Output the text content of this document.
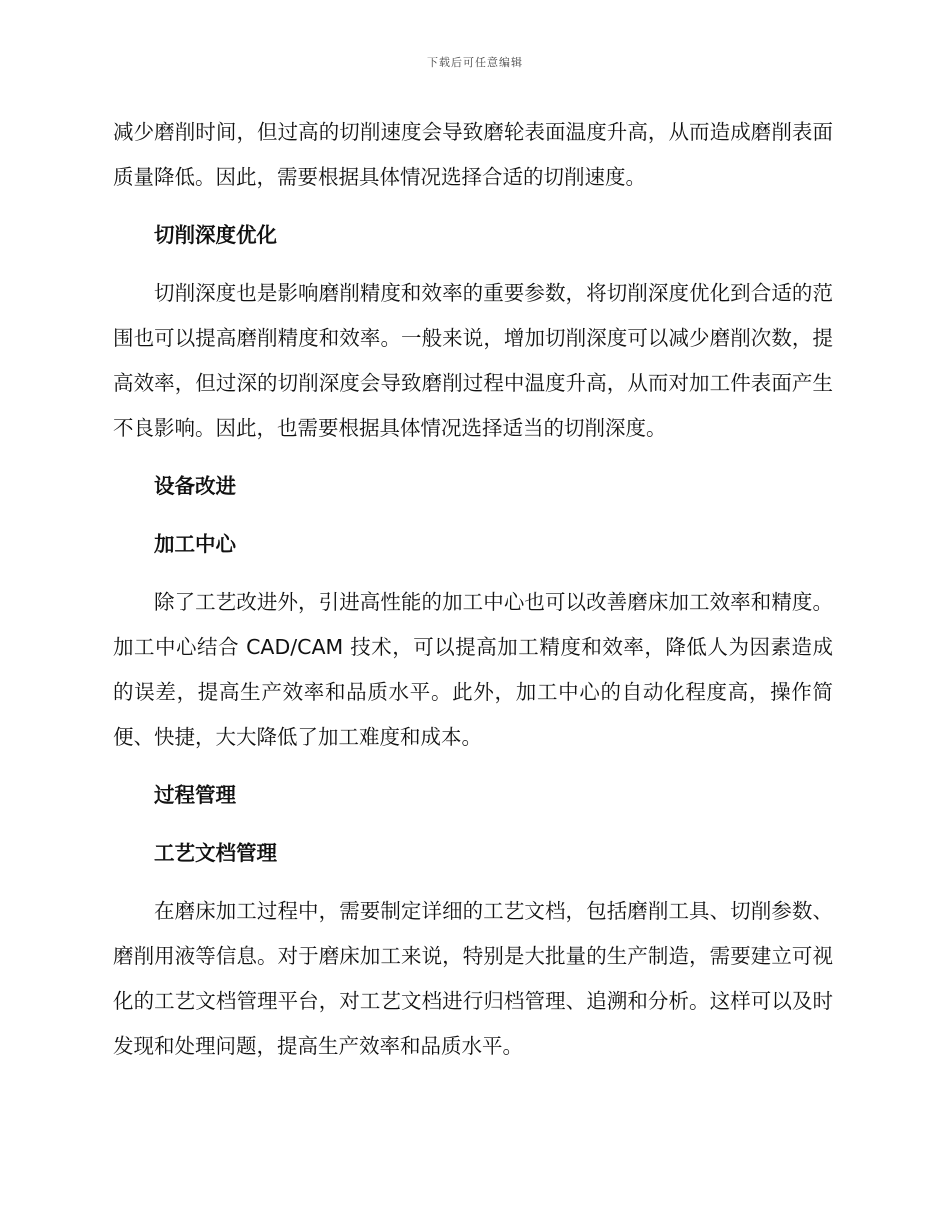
下载后可任意编辑

减少磨削时间，但过高的切削速度会导致磨轮表面温度升高，从而造成磨削表面质量降低。因此，需要根据具体情况选择合适的切削速度。

切削深度优化

切削深度也是影响磨削精度和效率的重要参数，将切削深度优化到合适的范围也可以提高磨削精度和效率。一般来说，增加切削深度可以减少磨削次数，提高效率，但过深的切削深度会导致磨削过程中温度升高，从而对加工件表面产生不良影响。因此，也需要根据具体情况选择适当的切削深度。

设备改进
加工中心

除了工艺改进外，引进高性能的加工中心也可以改善磨床加工效率和精度。加工中心结合 CAD/CAM 技术，可以提高加工精度和效率，降低人为因素造成的误差，提高生产效率和品质水平。此外，加工中心的自动化程度高，操作简便、快捷，大大降低了加工难度和成本。

过程管理
工艺文档管理

在磨床加工过程中，需要制定详细的工艺文档，包括磨削工具、切削参数、磨削用液等信息。对于磨床加工来说，特别是大批量的生产制造，需要建立可视化的工艺文档管理平台，对工艺文档进行归档管理、追溯和分析。这样可以及时发现和处理问题，提高生产效率和品质水平。
